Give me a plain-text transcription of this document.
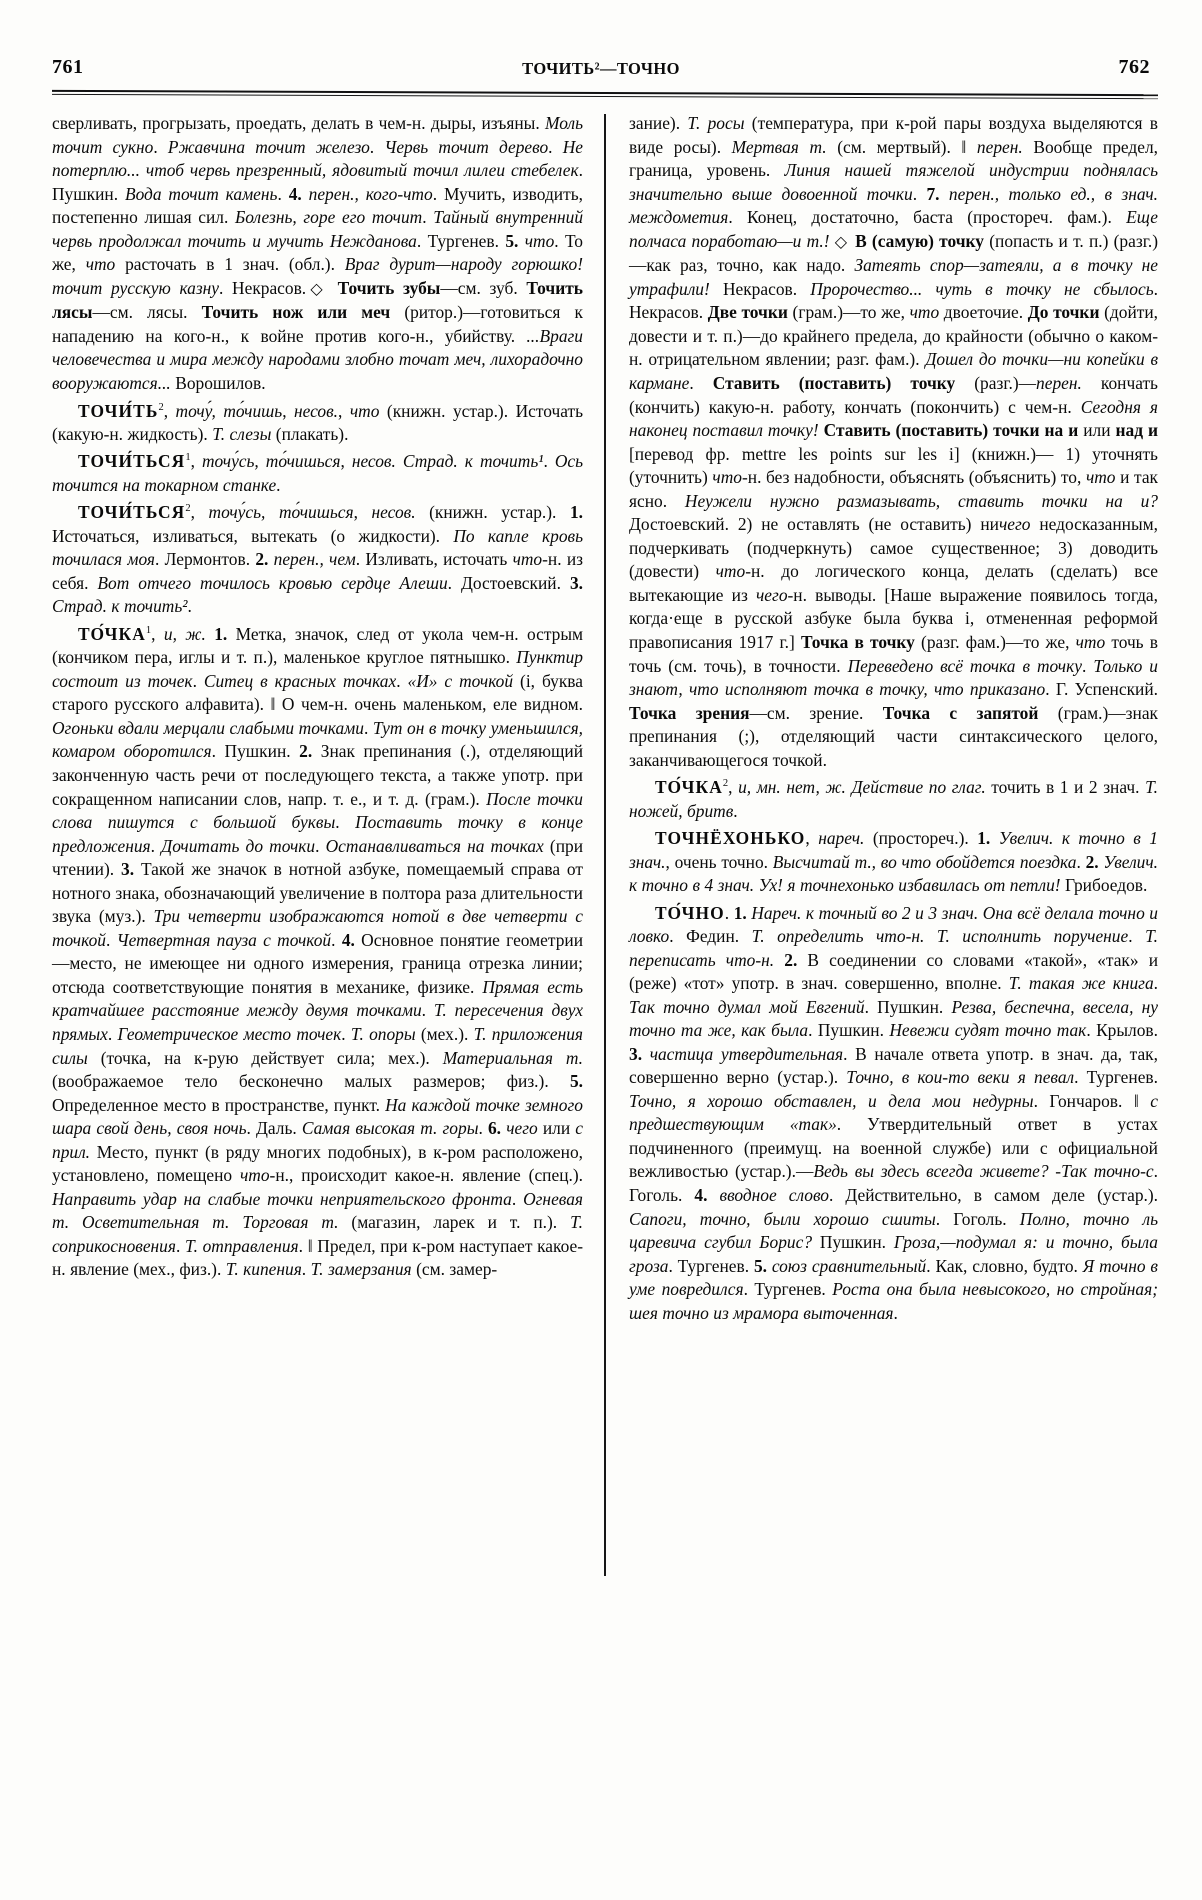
761	ТОЧИТЬ²—ТОЧНО	762

сверливать, прогрызать, проедать, делать в чем-н. дыры, изъяны. Моль точит сукно. Ржавчина точит железо. Червь точит дерево. Не потерплю... чтоб червь презренный, ядовитый точил лилеи стебелек. Пушкин. Вода точит камень. 4. перен., кого-что. Мучить, изводить, постепенно лишая сил. Болезнь, горе его точит. Тайный внутренний червь продолжал точить и мучить Нежданова. Тургенев. 5. что. То же, что расточать в 1 знач. (обл.). Враг дурит—народу горюшко! точит русскую казну. Некрасов.◇ Точить зубы—см. зуб. Точить лясы—см. лясы. Точить нож или меч (ритор.)—готовиться к нападению на кого-н., к войне против кого-н., убийству. ...Враги человечества и мира между народами злобно точат меч, лихорадочно вооружаются... Ворошилов.

$ТОЧИ́ТЬ^2$, точу́, то́чишь, несов., что (книжн. устар.). Источать (какую-н. жидкость). Т. слезы (плакать).

ТОЧИ́ТЬСЯ$^1$, точу́сь, то́чишься, несов. Страд. к точить¹. Ось точится на токарном станке.

ТОЧИ́ТЬСЯ$^2$, точу́сь, то́чишься, несов. (книжн. устар.). 1. Источаться, изливаться, вытекать (о жидкости). По капле кровь точилася моя. Лермонтов. 2. перен., чем. Изливать, источать что-н. из себя. Вот отчего точилось кровью сердце Алеши. Достоевский. 3. Страд. к точить².

ТО́ЧКА$^1$, и, ж. 1. Метка, значок, след от укола чем-н. острым (кончиком пера, иглы и т. п.), маленькое круглое пятнышко. Пунктир состоит из точек. Ситец в красных точках. «И» с точкой (i, буква старого русского алфавита). ‖ О чем-н. очень маленьком, еле видном. Огоньки вдали мерцали слабыми точками. Тут он в точку уменьшился, комаром оборотился. Пушкин. 2. Знак препинания (.), отделяющий законченную часть речи от последующего текста, а также употр. при сокращенном написании слов, напр. т. е., и т. д. (грам.). После точки слова пишутся с большой буквы. Поставить точку в конце предложения. Дочитать до точки. Останавливаться на точках (при чтении). 3. Такой же значок в нотной азбуке, помещаемый справа от нотного знака, обозначающий увеличение в полтора раза длительности звука (муз.). Три четверти изображаются нотой в две четверти с точкой. Четвертная пауза с точкой. 4. Основное понятие геометрии—место, не имеющее ни одного измерения, граница отрезка линии; отсюда соответствующие понятия в механике, физике. Прямая есть кратчайшее расстояние между двумя точками. Т. пересечения двух прямых. Геометрическое место точек. Т. опоры (мех.). Т. приложения силы (точка, на к-рую действует сила; мех.). Материальная т. (воображаемое тело бесконечно малых размеров; физ.). 5. Определенное место в пространстве, пункт. На каждой точке земного шара свой день, своя ночь. Даль. Самая высокая т. горы. 6. чего или с прил. Место, пункт (в ряду многих подобных), в к-ром расположено, установлено, помещено что-н., происходит какое-н. явление (спец.). Направить удар на слабые точки неприятельского фронта. Огневая т. Осветительная т. Торговая т. (магазин, ларек и т. п.). Т. соприкосновения. Т. отправления. ‖ Предел, при к-ром наступает какое-н. явление (мех., физ.). Т. кипения. Т. замерзания (см. замер-

зание). Т. росы (температура, при к-рой пары воздуха выделяются в виде росы). Мертвая т. (см. мертвый). ‖ перен. Вообще предел, граница, уровень. Линия нашей тяжелой индустрии поднялась значительно выше довоенной точки. 7. перен., только ед., в знач. междометия. Конец, достаточно, баста (простореч. фам.). Еще полчаса поработаю—и т.! ◇ В (самую) точку (попасть и т. п.) (разг.)—как раз, точно, как надо. Затеять спор—затеяли, а в точку не утрафили! Некрасов. Пророчество... чуть в точку не сбылось. Некрасов. Две точки (грам.)—то же, что двоеточие. До точки (дойти, довести и т. п.)—до крайнего предела, до крайности (обычно о каком-н. отрицательном явлении; разг. фам.). Дошел до точки—ни копейки в кармане. Ставить (поставить) точку (разг.)—перен. кончать (кончить) какую-н. работу, кончать (покончить) с чем-н. Сегодня я наконец поставил точку! Ставить (поставить) точки на и или над и [перевод фр. mettre les points sur les i] (книжн.)— 1) уточнять (уточнить) что-н. без надобности, объяснять (объяснить) то, что и так ясно. Неужели нужно размазывать, ставить точки на и? Достоевский. 2) не оставлять (не оставить) ничего недосказанным, подчеркивать (подчеркнуть) самое существенное; 3) доводить (довести) что-н. до логического конца, делать (сделать) все вытекающие из чего-н. выводы. [Наше выражение появилось тогда, когда·еще в русской азбуке была буква i, отмененная реформой правописания 1917 г.] Точка в точку (разг. фам.)—то же, что точь в точь (см. точь), в точности. Переведено всё точка в точку. Только и знают, что исполняют точка в точку, что приказано. Г. Успенский. Точка зрения—см. зрение. Точка с запятой (грам.)—знак препинания (;), отделяющий части синтаксического целого, заканчивающегося точкой.

ТО́ЧКА$^2$, и, мн. нет, ж. Действие по глаг. точить в 1 и 2 знач. Т. ножей, бритв.

ТОЧНЁХОНЬКО, нареч. (простореч.). 1. Увелич. к точно в 1 знач., очень точно. Высчитай т., во что обойдется поездка. 2. Увелич. к точно в 4 знач. Ух! я точнехонько избавилась от петли! Грибоедов.

ТО́ЧНО. 1. Нареч. к точный во 2 и 3 знач. Она всё делала точно и ловко. Федин. Т. определить что-н. Т. исполнить поручение. Т. переписать что-н. 2. В соединении со словами «такой», «так» и (реже) «тот» употр. в знач. совершенно, вполне. Т. такая же книга. Так точно думал мой Евгений. Пушкин. Резва, беспечна, весела, ну точно та же, как была. Пушкин. Невежи судят точно так. Крылов. 3. частица утвердительная. В начале ответа употр. в знач. да, так, совершенно верно (устар.). Точно, в кои-то веки я певал. Тургенев. Точно, я хорошо обставлен, и дела мои недурны. Гончаров. ‖ с предшествующим «так». Утвердительный ответ в устах подчиненного (преимущ. на военной службе) или с официальной вежливостью (устар.).—Ведь вы здесь всегда живете? -Так точно-с. Гоголь. 4. вводное слово. Действительно, в самом деле (устар.). Сапоги, точно, были хорошо сшиты. Гоголь. Полно, точно ль царевича сгубил Борис? Пушкин. Гроза,—подумал я: и точно, была гроза. Тургенев. 5. союз сравнительный. Как, словно, будто. Я точно в уме повредился. Тургенев. Роста она была невысокого, но стройная; шея точно из мрамора выточенная.
